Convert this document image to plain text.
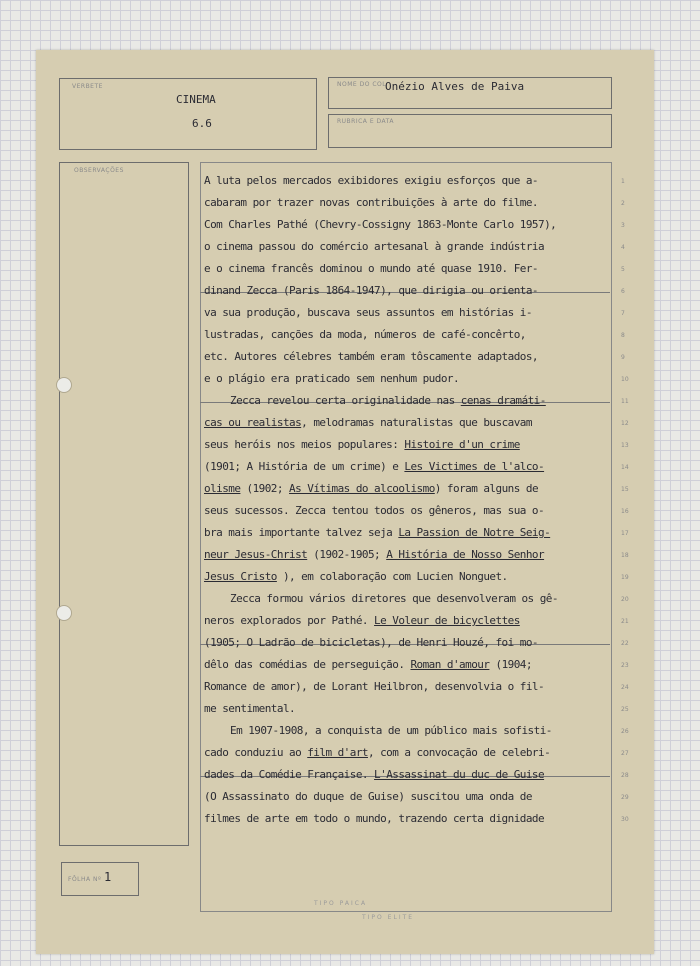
VERBETE
CINEMA
6.6
NOME DO COL
Onézio Alves de Paiva
RUBRICA E DATA
OBSERVAÇÕES
FÔLHA Nº 1
A luta pelos mercados exibidores exigiu esforços que a-
cabaram por trazer novas contribuições à arte do filme.
Com Charles Pathé (Chevry-Cossigny 1863-Monte Carlo 1957),
o cinema passou do comércio artesanal à grande indústria
e o cinema francês dominou o mundo até quase 1910. Fer-
dinand Zecca (Paris 1864-1947), que dirigia ou orienta-
va sua produção, buscava seus assuntos em histórias i-
lustradas, canções da moda, números de café-concêrto,
etc. Autores célebres também eram tôscamente adaptados,
e o plágio era praticado sem nenhum pudor.
Zecca revelou certa originalidade nas cenas dramáti-
cas ou realistas, melodramas naturalistas que buscavam
seus heróis nos meios populares: Histoire d'un crime
(1901; A História de um crime) e Les Victimes de l'alco-
olisme (1902; As Vítimas do alcoolismo) foram alguns de
seus sucessos. Zecca tentou todos os gêneros, mas sua o-
bra mais importante talvez seja La Passion de Notre Seig-
neur Jesus-Christ (1902-1905; A História de Nosso Senhor
Jesus Cristo ), em colaboração com Lucien Nonguet.
Zecca formou vários diretores que desenvolveram os gê-
neros explorados por Pathé. Le Voleur de bicyclettes
(1905; O Ladrão de bicicletas), de Henri Houzé, foi mo-
dêlo das comédias de perseguição. Roman d'amour (1904;
Romance de amor), de Lorant Heilbron, desenvolvia o fil-
me sentimental.
Em 1907-1908, a conquista de um público mais sofisti-
cado conduziu ao film d'art, com a convocação de celebri-
dades da Comédie Française. L'Assassinat du duc de Guise
(O Assassinato do duque de Guise) suscitou uma onda de
filmes de arte em todo o mundo, trazendo certa dignidade
1
2
3
4
5
6
7
8
9
10
11
12
13
14
15
16
17
18
19
20
21
22
23
24
25
26
27
28
29
30
TIPO PAICA
TIPO ELITE
